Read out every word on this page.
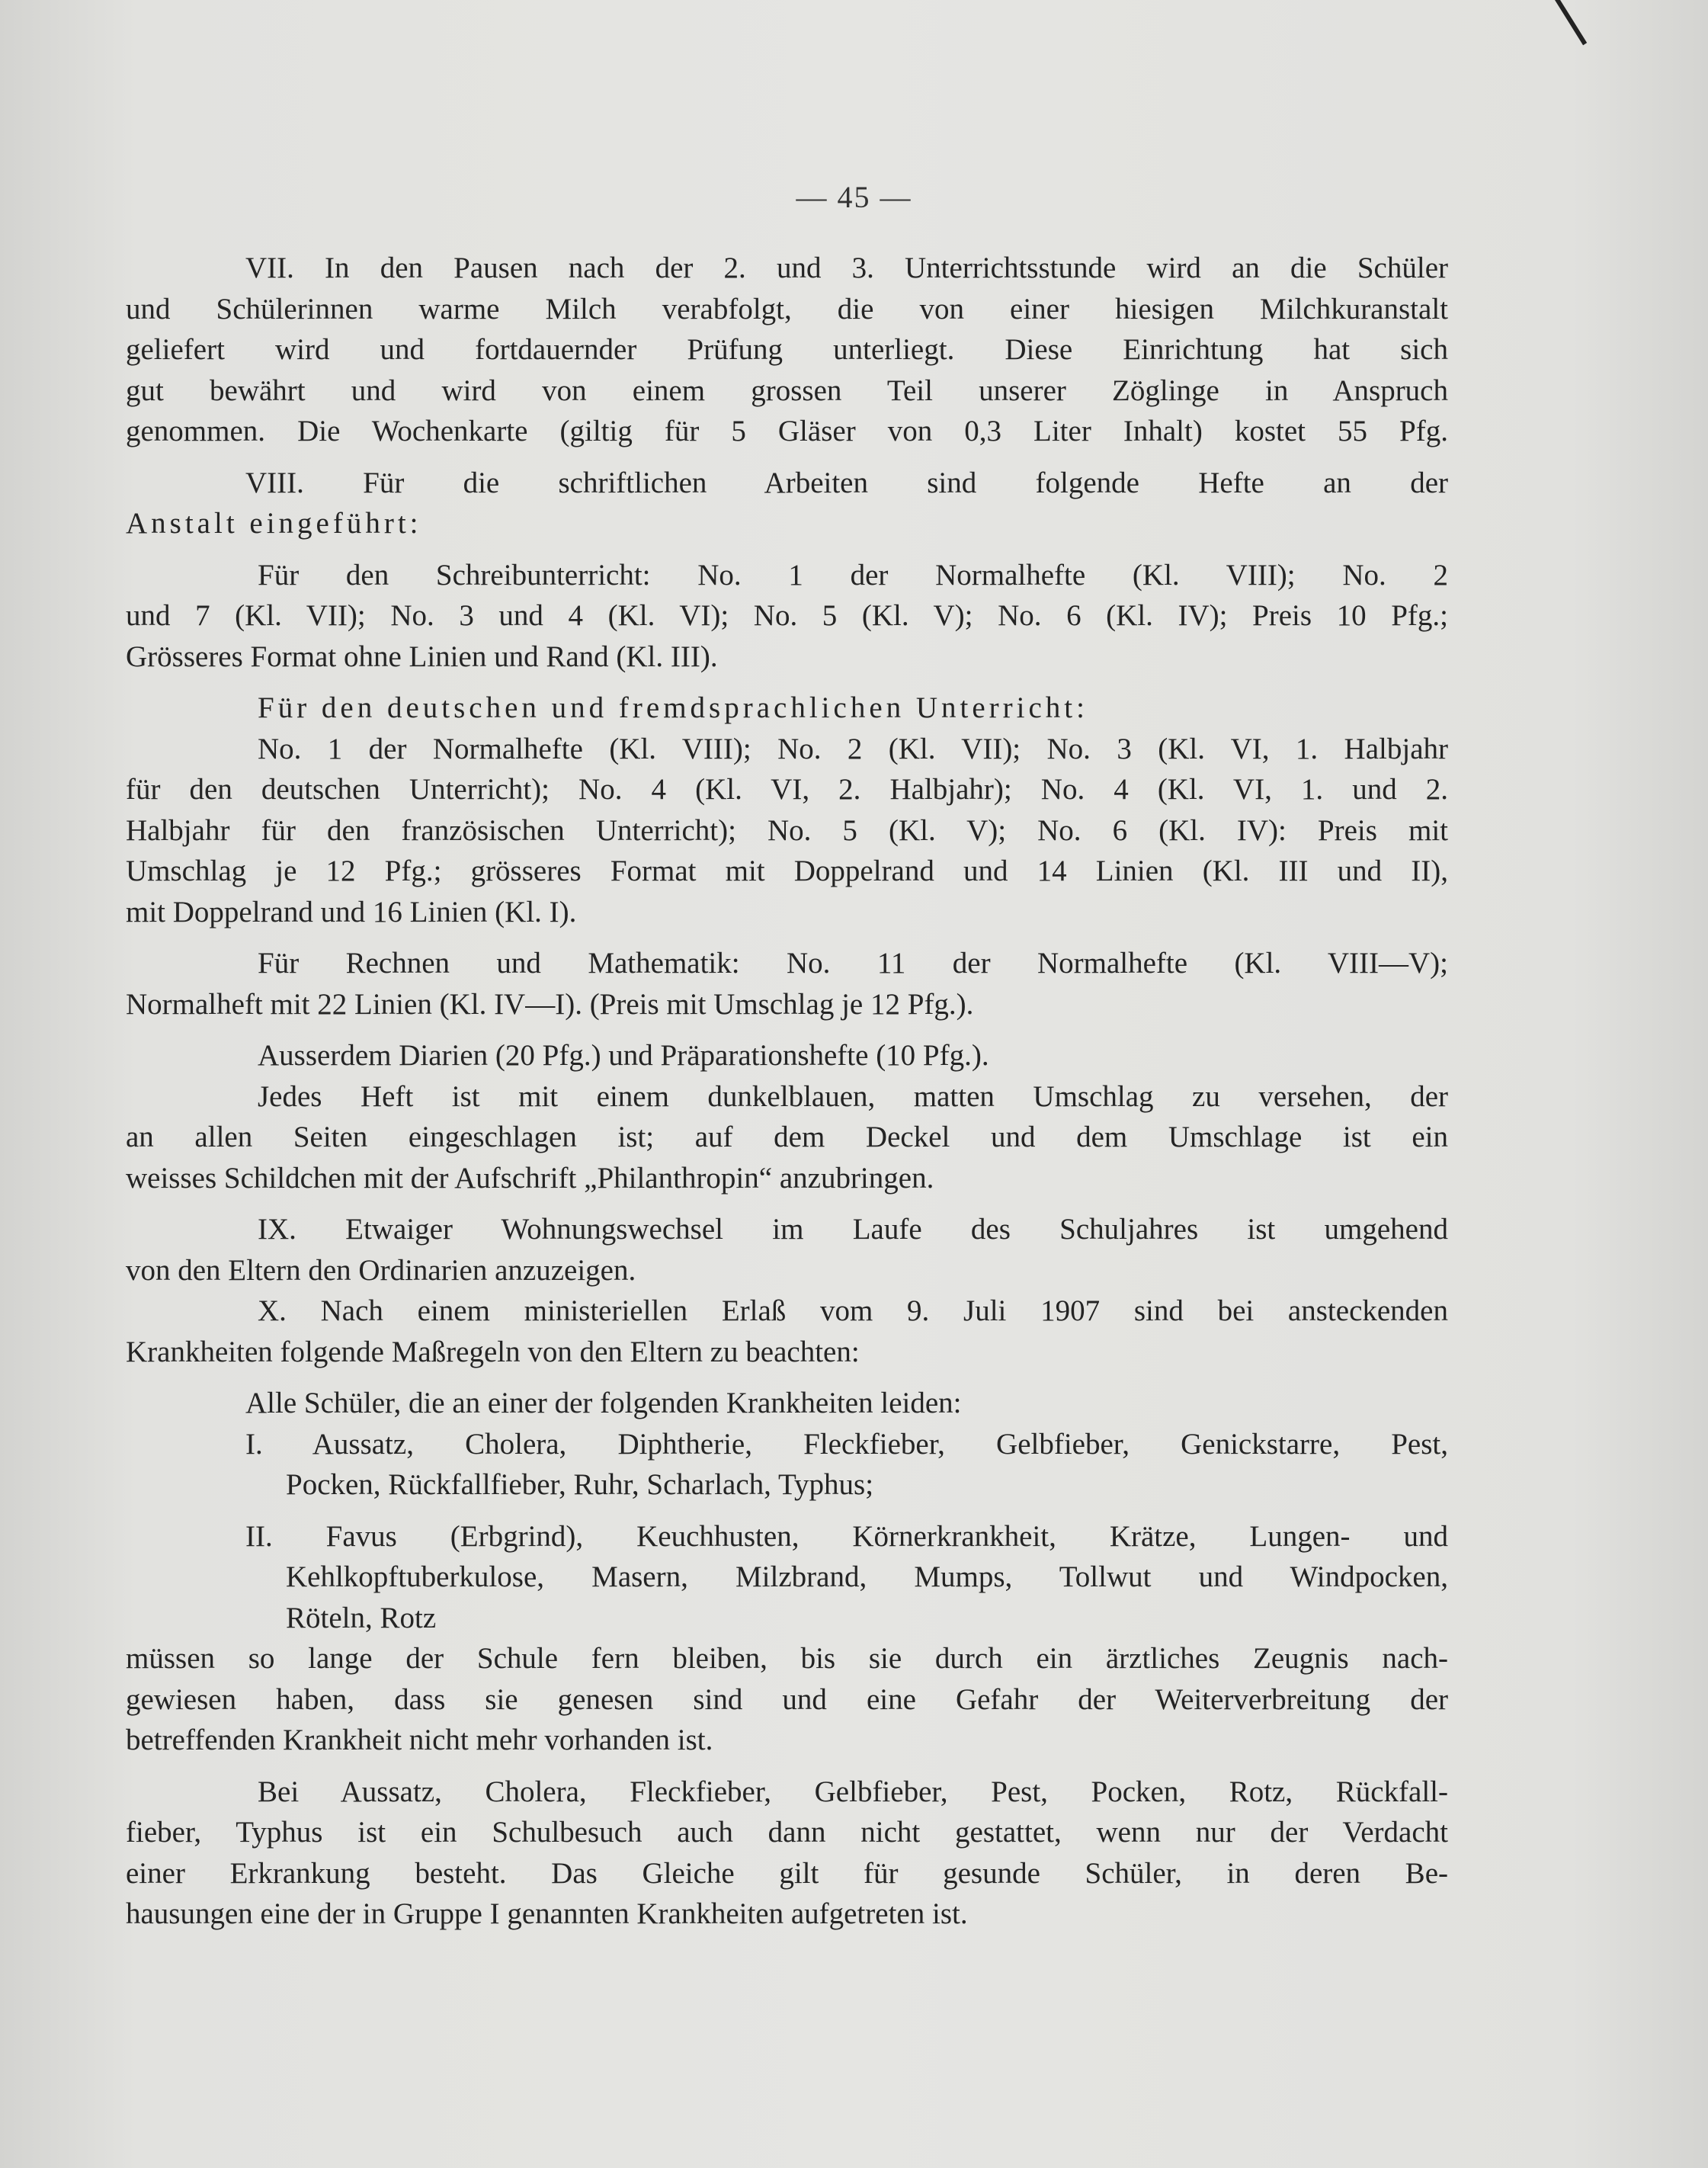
— 45 —
VII. In den Pausen nach der 2. und 3. Unterrichtsstunde wird an die Schüler
und Schülerinnen warme Milch verabfolgt, die von einer hiesigen Milchkuranstalt
geliefert wird und fortdauernder Prüfung unterliegt. Diese Einrichtung hat sich
gut bewährt und wird von einem grossen Teil unserer Zöglinge in Anspruch
genommen. Die Wochenkarte (giltig für 5 Gläser von 0,3 Liter Inhalt) kostet 55 Pfg.
VIII. Für die schriftlichen Arbeiten sind folgende Hefte an der
Anstalt eingeführt:
Für den Schreibunterricht: No. 1 der Normalhefte (Kl. VIII); No. 2
und 7 (Kl. VII); No. 3 und 4 (Kl. VI); No. 5 (Kl. V); No. 6 (Kl. IV); Preis 10 Pfg.;
Grösseres Format ohne Linien und Rand (Kl. III).
Für den deutschen und fremdsprachlichen Unterricht:
No. 1 der Normalhefte (Kl. VIII); No. 2 (Kl. VII); No. 3 (Kl. VI, 1. Halbjahr
für den deutschen Unterricht); No. 4 (Kl. VI, 2. Halbjahr); No. 4 (Kl. VI, 1. und 2.
Halbjahr für den französischen Unterricht); No. 5 (Kl. V); No. 6 (Kl. IV): Preis mit
Umschlag je 12 Pfg.; grösseres Format mit Doppelrand und 14 Linien (Kl. III und II),
mit Doppelrand und 16 Linien (Kl. I).
Für Rechnen und Mathematik: No. 11 der Normalhefte (Kl. VIII—V);
Normalheft mit 22 Linien (Kl. IV—I). (Preis mit Umschlag je 12 Pfg.).
Ausserdem Diarien (20 Pfg.) und Präparationshefte (10 Pfg.).
Jedes Heft ist mit einem dunkelblauen, matten Umschlag zu versehen, der
an allen Seiten eingeschlagen ist; auf dem Deckel und dem Umschlage ist ein
weisses Schildchen mit der Aufschrift „Philanthropin“ anzubringen.
IX. Etwaiger Wohnungswechsel im Laufe des Schuljahres ist umgehend
von den Eltern den Ordinarien anzuzeigen.
X. Nach einem ministeriellen Erlaß vom 9. Juli 1907 sind bei ansteckenden
Krankheiten folgende Maßregeln von den Eltern zu beachten:
Alle Schüler, die an einer der folgenden Krankheiten leiden:
I. Aussatz, Cholera, Diphtherie, Fleckfieber, Gelbfieber, Genickstarre, Pest,
Pocken, Rückfallfieber, Ruhr, Scharlach, Typhus;
II. Favus (Erbgrind), Keuchhusten, Körnerkrankheit, Krätze, Lungen- und
Kehlkopftuberkulose, Masern, Milzbrand, Mumps, Tollwut und Windpocken,
Röteln, Rotz
müssen so lange der Schule fern bleiben, bis sie durch ein ärztliches Zeugnis nach-
gewiesen haben, dass sie genesen sind und eine Gefahr der Weiterverbreitung der
betreffenden Krankheit nicht mehr vorhanden ist.
Bei Aussatz, Cholera, Fleckfieber, Gelbfieber, Pest, Pocken, Rotz, Rückfall-
fieber, Typhus ist ein Schulbesuch auch dann nicht gestattet, wenn nur der Verdacht
einer Erkrankung besteht. Das Gleiche gilt für gesunde Schüler, in deren Be-
hausungen eine der in Gruppe I genannten Krankheiten aufgetreten ist.
